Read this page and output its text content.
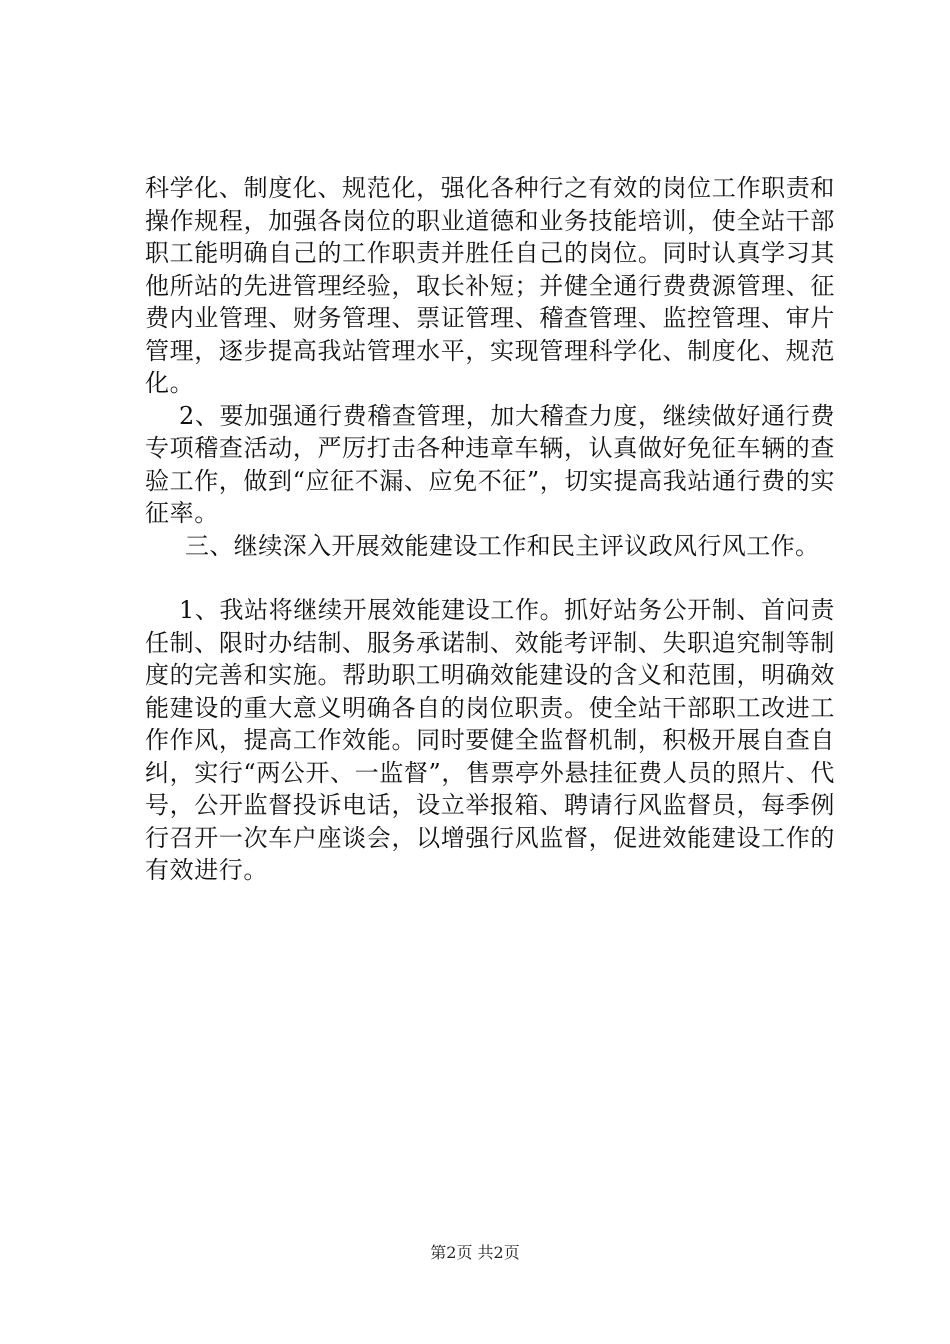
科学化、制度化、规范化，强化各种行之有效的岗位工作职责和操作规程，加强各岗位的职业道德和业务技能培训，使全站干部职工能明确自己的工作职责并胜任自己的岗位。同时认真学习其他所站的先进管理经验，取长补短；并健全通行费费源管理、征费内业管理、财务管理、票证管理、稽查管理、监控管理、审片管理，逐步提高我站管理水平，实现管理科学化、制度化、规范化。

2、要加强通行费稽查管理，加大稽查力度，继续做好通行费专项稽查活动，严厉打击各种违章车辆，认真做好免征车辆的查验工作，做到“应征不漏、应免不征”，切实提高我站通行费的实征率。

三、继续深入开展效能建设工作和民主评议政风行风工作。

1、我站将继续开展效能建设工作。抓好站务公开制、首问责任制、限时办结制、服务承诺制、效能考评制、失职追究制等制度的完善和实施。帮助职工明确效能建设的含义和范围，明确效能建设的重大意义明确各自的岗位职责。使全站干部职工改进工作作风，提高工作效能。同时要健全监督机制，积极开展自查自纠，实行“两公开、一监督”，售票亭外悬挂征费人员的照片、代号，公开监督投诉电话，设立举报箱、聘请行风监督员，每季例行召开一次车户座谈会，以增强行风监督，促进效能建设工作的有效进行。

第2页 共2页
